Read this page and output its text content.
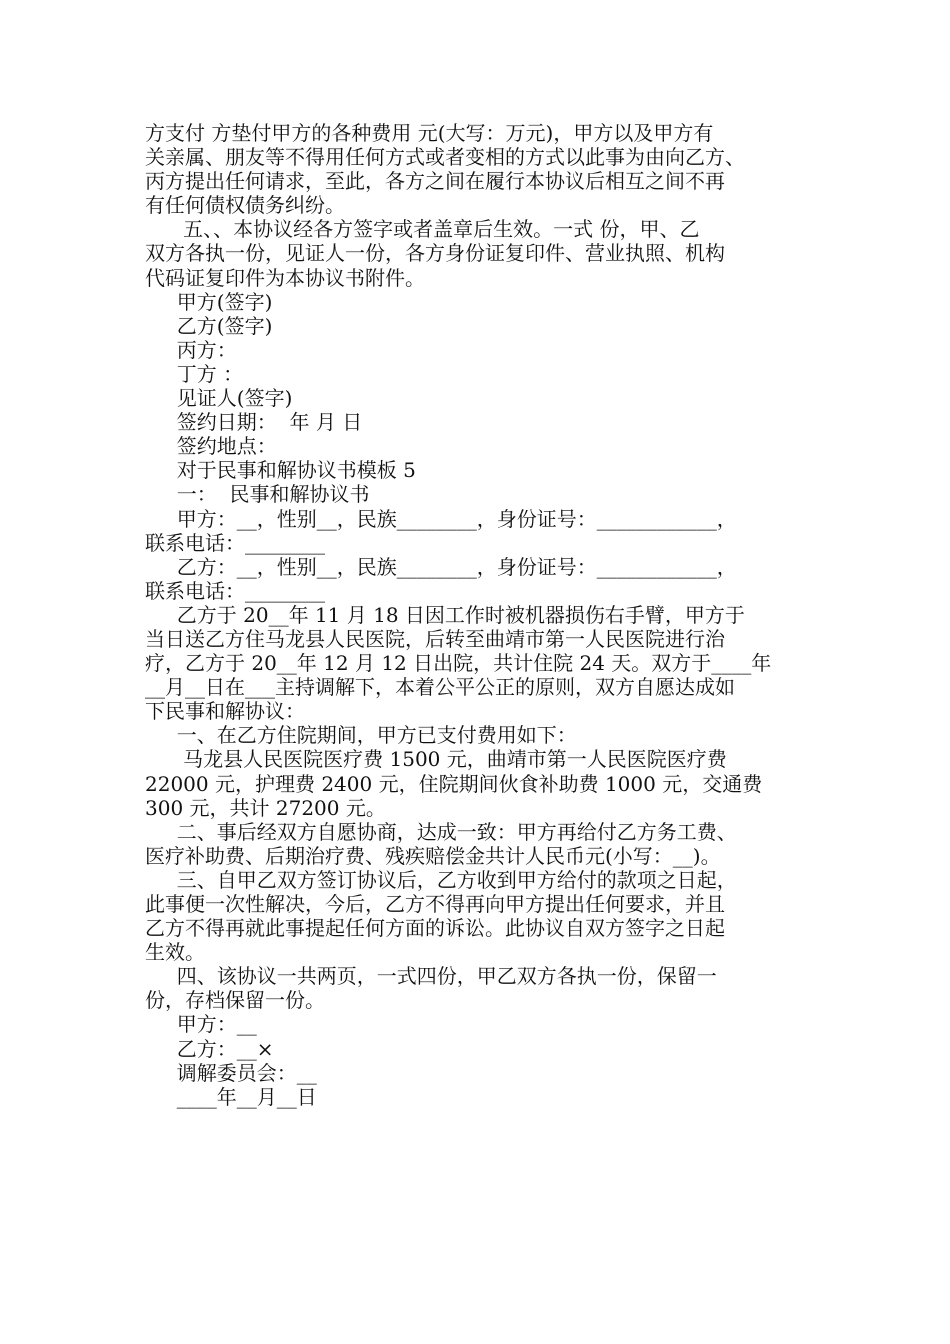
方支付 方垫付甲方的各种费用 元(大写：万元)，甲方以及甲方有
关亲属、朋友等不得用任何方式或者变相的方式以此事为由向乙方、
丙方提出任何请求，至此，各方之间在履行本协议后相互之间不再
有任何债权债务纠纷。
五、、本协议经各方签字或者盖章后生效。一式 份，甲、乙
双方各执一份，见证人一份，各方身份证复印件、营业执照、机构
代码证复印件为本协议书附件。
甲方(签字)
乙方(签字)
丙方：
丁方 ：
见证人(签字)
签约日期：  年 月 日
签约地点：
对于民事和解协议书模板 5
一：  民事和解协议书
甲方：__，性别__，民族________，身份证号：____________，
联系电话：________
乙方：__，性别__，民族________，身份证号：____________，
联系电话：________
乙方于 20__年 11 月 18 日因工作时被机器损伤右手臂，甲方于
当日送乙方住马龙县人民医院，后转至曲靖市第一人民医院进行治
疗，乙方于 20__年 12 月 12 日出院，共计住院 24 天。双方于____年
__月__日在___主持调解下，本着公平公正的原则，双方自愿达成如
下民事和解协议：
一、在乙方住院期间，甲方已支付费用如下：
马龙县人民医院医疗费 1500 元，曲靖市第一人民医院医疗费
22000 元，护理费 2400 元，住院期间伙食补助费 1000 元，交通费
300 元，共计 27200 元。
二、事后经双方自愿协商，达成一致：甲方再给付乙方务工费、
医疗补助费、后期治疗费、残疾赔偿金共计人民币元(小写：__)。
三、自甲乙双方签订协议后，乙方收到甲方给付的款项之日起，
此事便一次性解决，今后，乙方不得再向甲方提出任何要求，并且
乙方不得再就此事提起任何方面的诉讼。此协议自双方签字之日起
生效。
四、该协议一共两页，一式四份，甲乙双方各执一份，保留一
份，存档保留一份。
甲方：__
乙方：__×
调解委员会：__
____年__月__日
